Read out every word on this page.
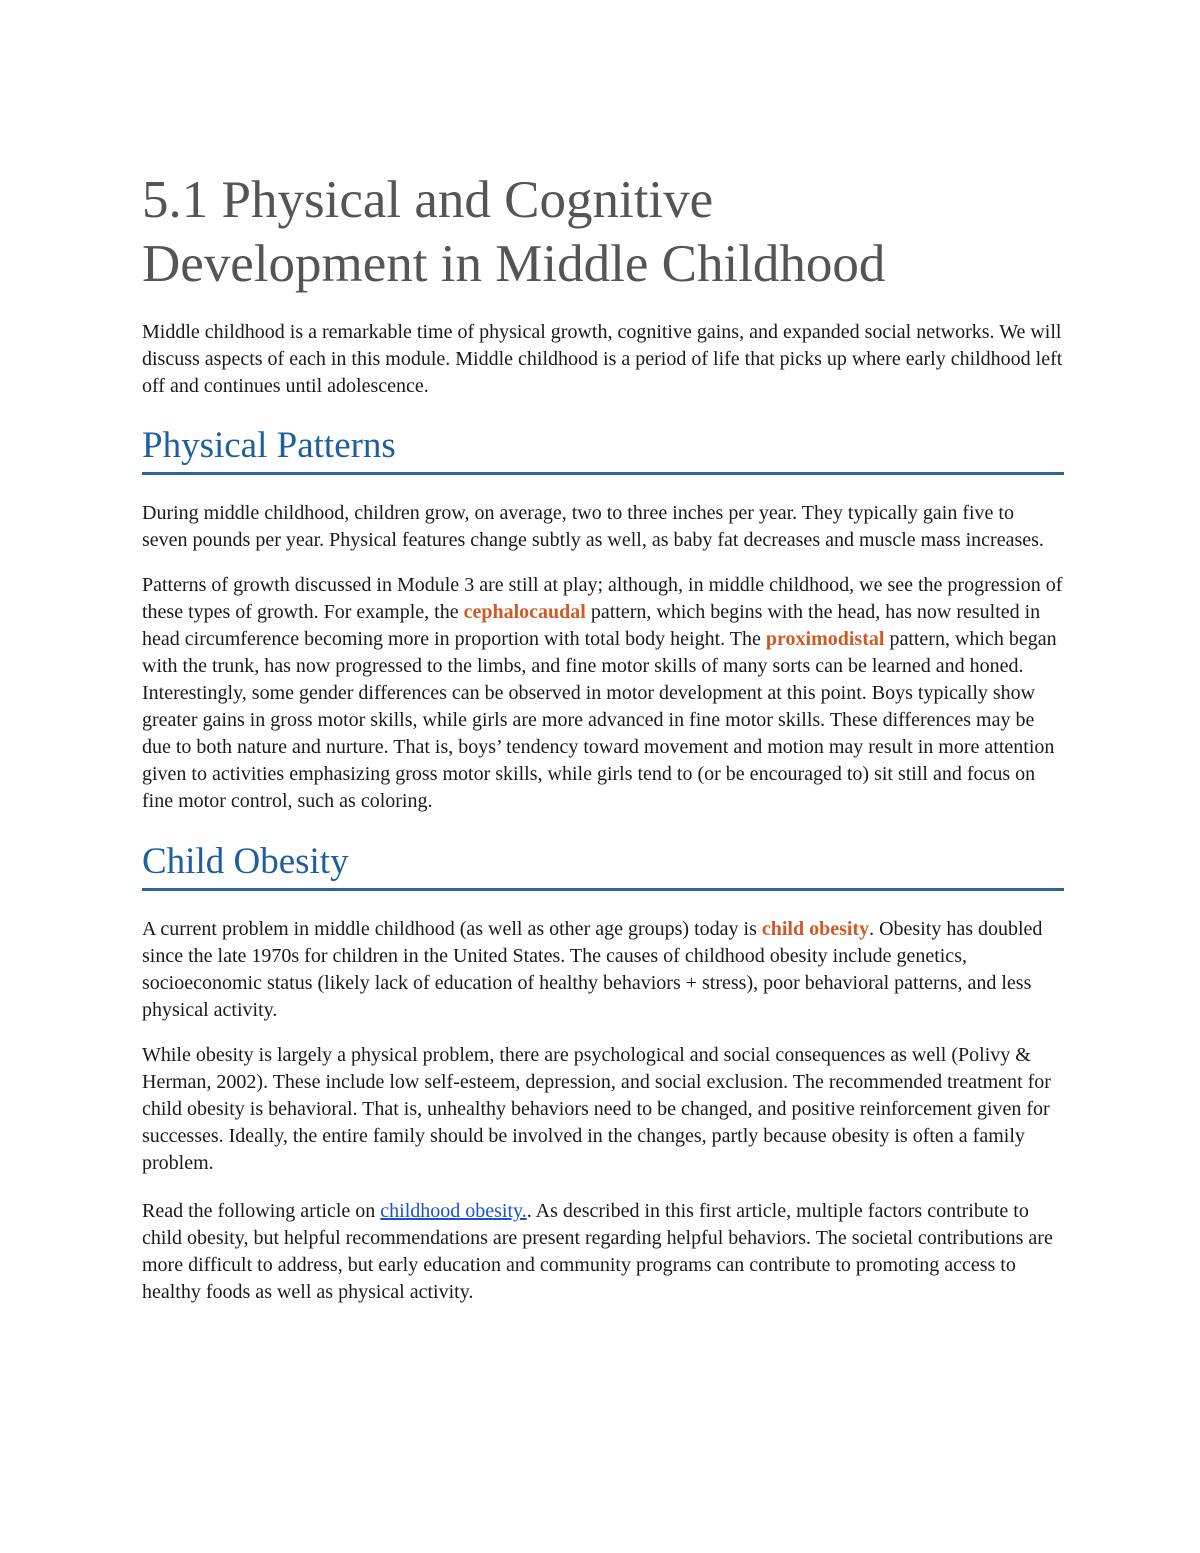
5.1 Physical and Cognitive
Development in Middle Childhood

Middle childhood is a remarkable time of physical growth, cognitive gains, and expanded social networks. We will discuss aspects of each in this module. Middle childhood is a period of life that picks up where early childhood left off and continues until adolescence.

Physical Patterns

During middle childhood, children grow, on average, two to three inches per year. They typically gain five to seven pounds per year. Physical features change subtly as well, as baby fat decreases and muscle mass increases.

Patterns of growth discussed in Module 3 are still at play; although, in middle childhood, we see the progression of these types of growth. For example, the cephalocaudal pattern, which begins with the head, has now resulted in head circumference becoming more in proportion with total body height. The proximodistal pattern, which began with the trunk, has now progressed to the limbs, and fine motor skills of many sorts can be learned and honed. Interestingly, some gender differences can be observed in motor development at this point. Boys typically show greater gains in gross motor skills, while girls are more advanced in fine motor skills. These differences may be due to both nature and nurture. That is, boys’ tendency toward movement and motion may result in more attention given to activities emphasizing gross motor skills, while girls tend to (or be encouraged to) sit still and focus on fine motor control, such as coloring.

Child Obesity

A current problem in middle childhood (as well as other age groups) today is child obesity. Obesity has doubled since the late 1970s for children in the United States. The causes of childhood obesity include genetics, socioeconomic status (likely lack of education of healthy behaviors + stress), poor behavioral patterns, and less physical activity.

While obesity is largely a physical problem, there are psychological and social consequences as well (Polivy & Herman, 2002). These include low self-esteem, depression, and social exclusion. The recommended treatment for child obesity is behavioral. That is, unhealthy behaviors need to be changed, and positive reinforcement given for successes. Ideally, the entire family should be involved in the changes, partly because obesity is often a family problem.

Read the following article on childhood obesity.. As described in this first article, multiple factors contribute to child obesity, but helpful recommendations are present regarding helpful behaviors. The societal contributions are more difficult to address, but early education and community programs can contribute to promoting access to healthy foods as well as physical activity.
